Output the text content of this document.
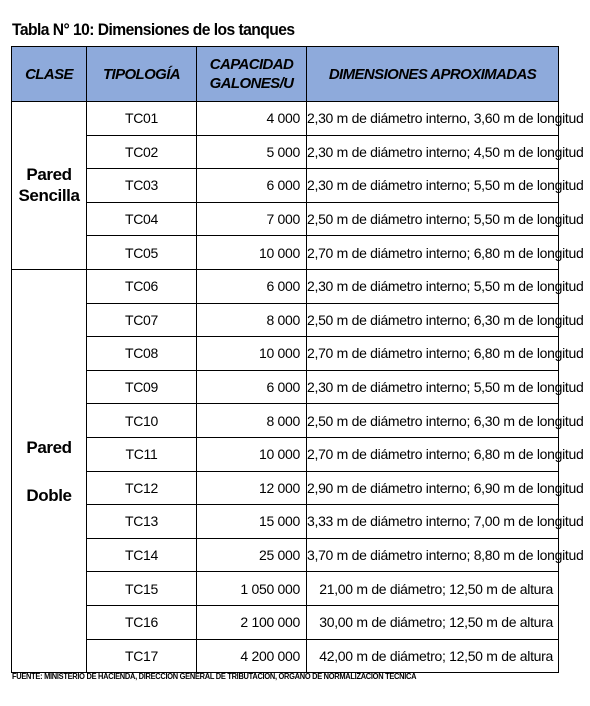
Tabla N° 10: Dimensiones de los tanques
CLASE	TIPOLOGÍA	CAPACIDAD
GALONES/U	DIMENSIONES APROXIMADAS

Pared
Sencilla	TC01	4 000	2,30 m de diámetro interno, 3,60 m de longitud
	TC02	5 000	2,30 m de diámetro interno; 4,50 m de longitud
	TC03	6 000	2,30 m de diámetro interno; 5,50 m de longitud
	TC04	7 000	2,50 m de diámetro interno; 5,50 m de longitud
	TC05	10 000	2,70 m de diámetro interno; 6,80 m de longitud

Pared
Doble	TC06	6 000	2,30 m de diámetro interno; 5,50 m de longitud
	TC07	8 000	2,50 m de diámetro interno; 6,30 m de longitud
	TC08	10 000	2,70 m de diámetro interno; 6,80 m de longitud
	TC09	6 000	2,30 m de diámetro interno; 5,50 m de longitud
	TC10	8 000	2,50 m de diámetro interno; 6,30 m de longitud
	TC11	10 000	2,70 m de diámetro interno; 6,80 m de longitud
	TC12	12 000	2,90 m de diámetro interno; 6,90 m de longitud
	TC13	15 000	3,33 m de diámetro interno; 7,00 m de longitud
	TC14	25 000	3,70 m de diámetro interno; 8,80 m de longitud
	TC15	1 050 000	21,00 m de diámetro; 12,50 m de altura
	TC16	2 100 000	30,00 m de diámetro; 12,50 m de altura
	TC17	4 200 000	42,00 m de diámetro; 12,50 m de altura
FUENTE: MINISTERIO DE HACIENDA, DIRECCIÓN GENERAL DE TRIBUTACIÓN, ÓRGANO DE NORMALIZACIÓN TÉCNICA
